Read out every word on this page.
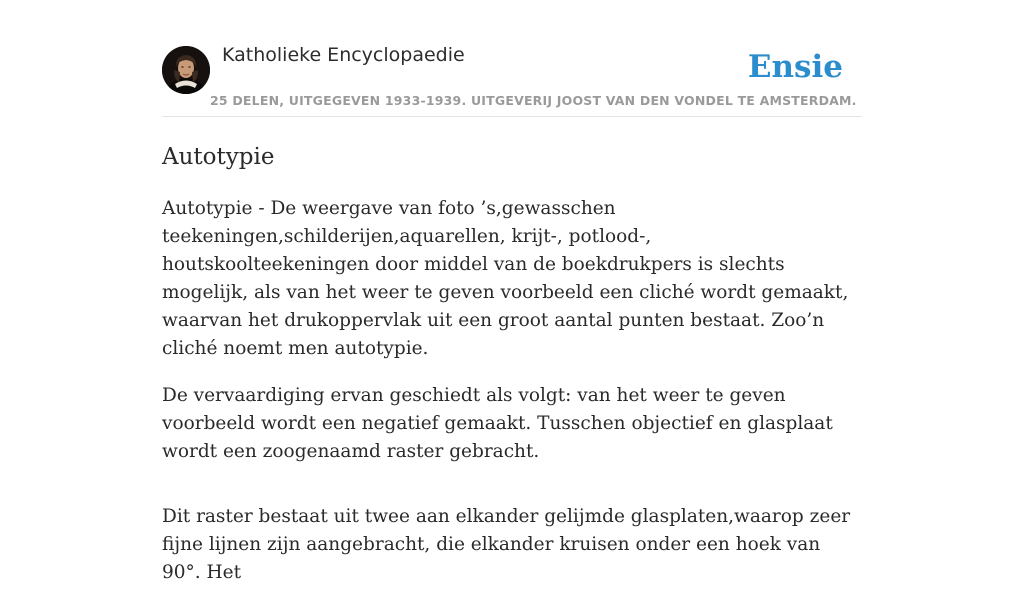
Katholieke Encyclopaedie
25 DELEN, UITGEGEVEN 1933-1939. UITGEVERIJ JOOST VAN DEN VONDEL TE AMSTERDAM.
Ensie
Autotypie

Autotypie - De weergave van foto ’s,gewasschen teekeningen,schilderijen,aquarellen, krijt-, potlood-, houtskoolteekeningen door middel van de boekdrukpers is slechts mogelijk, als van het weer te geven voorbeeld een cliché wordt gemaakt, waarvan het drukoppervlak uit een groot aantal punten bestaat. Zoo’n cliché noemt men autotypie.

De vervaardiging ervan geschiedt als volgt: van het weer te geven voorbeeld wordt een negatief gemaakt. Tusschen objectief en glasplaat wordt een zoogenaamd raster gebracht.

Dit raster bestaat uit twee aan elkander gelijmde glasplaten,waarop zeer fijne lijnen zijn aangebracht, die elkander kruisen onder een hoek van 90°. Het
